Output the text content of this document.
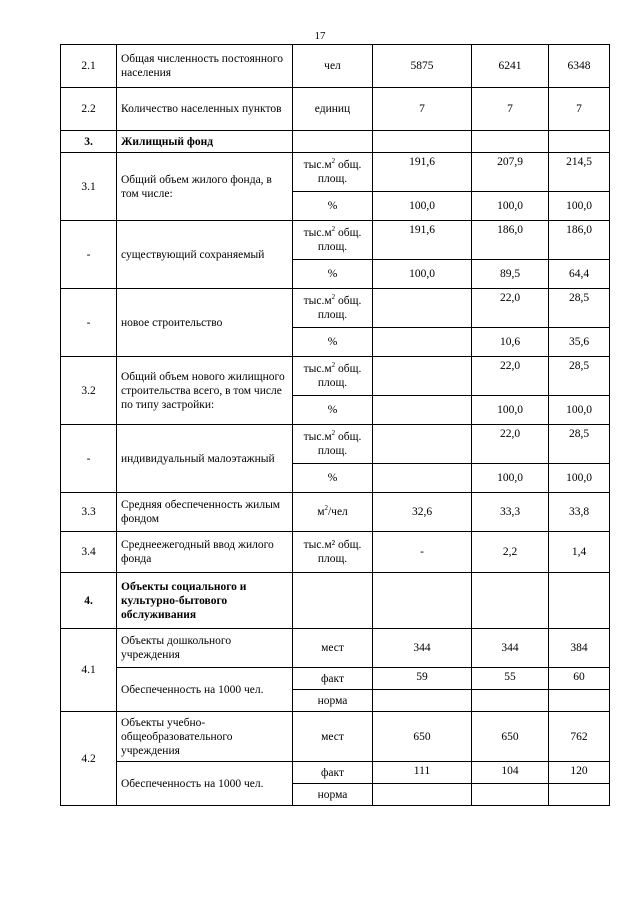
17
2.1	Общая численность постоянного населения	чел	5875	6241	6348
2.2	Количество населенных пунктов	единиц	7	7	7
3.	Жилищный фонд				
3.1	Общий объем жилого фонда, в том числе:	$тыс.м^2$ общ. площ.	191,6	207,9	214,5
		%	100,0	100,0	100,0
-	существующий сохраняемый	$тыс.м^2$ общ. площ.	191,6	186,0	186,0
		%	100,0	89,5	64,4
-	новое строительство	$тыс.м^2$ общ. площ.		22,0	28,5
		%		10,6	35,6
3.2	Общий объем нового жилищного строительства всего, в том числе по типу застройки:	$тыс.м^2$ общ. площ.		22,0	28,5
		%		100,0	100,0
-	индивидуальный малоэтажный	$тыс.м^2$ общ. площ.		22,0	28,5
		%		100,0	100,0
3.3	Средняя обеспеченность жилым фондом	$м^2$/чел	32,6	33,3	33,8
3.4	Среднеежегодный ввод жилого фонда	тыс.м² общ. площ.	-	2,2	1,4
4.	Объекты социального и культурно-бытового обслуживания				
4.1	Объекты дошкольного учреждения	мест	344	344	384
	Обеспеченность на 1000 чел.	факт	59	55	60
		норма			
4.2	Объекты учебно-общеобразовательного учреждения	мест	650	650	762
	Обеспеченность на 1000 чел.	факт	111	104	120
		норма			
